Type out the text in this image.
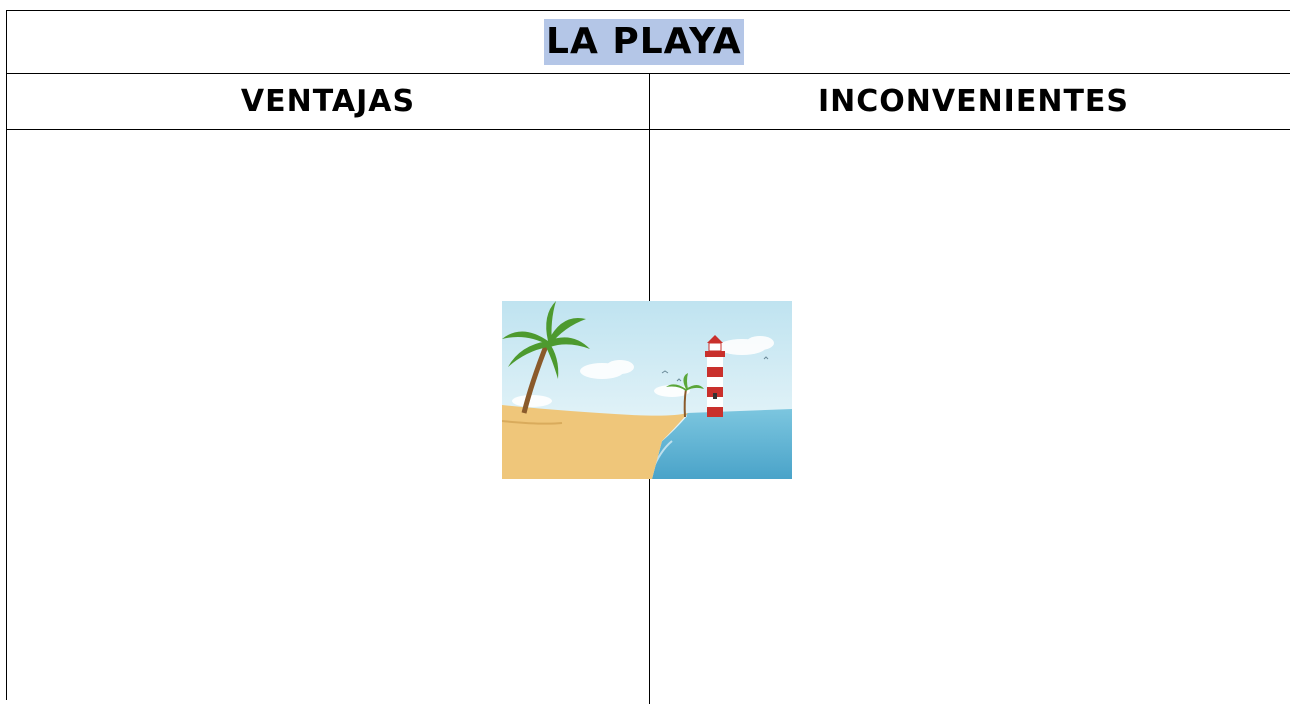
LA PLAYA
VENTAJAS	INCONVENIENTES
